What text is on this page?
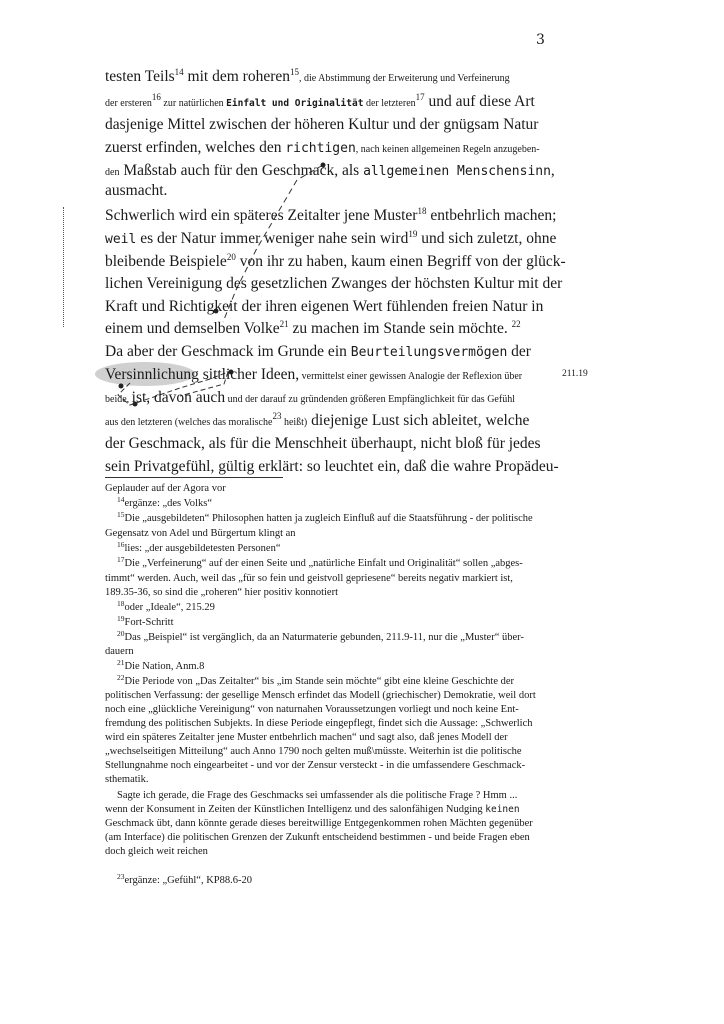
3
testen Teils$^{14}$ mit dem roheren$^{15}$, die Abstimmung der Erweiterung und Verfeinerung
der ersteren$^{16}$ zur natürlichen Einfalt und Originalität der letzteren$^{17}$ und auf diese Art
dasjenige Mittel zwischen der höheren Kultur und der gnügsam Natur
zuerst erfinden, welches den richtigen, nach keinen allgemeinen Regeln anzugeben-
den Maßstab auch für den Geschmack, als allgemeinen Menschensinn,
ausmacht.
Schwerlich wird ein späteres Zeitalter jene Muster$^{18}$ entbehrlich machen;
weil es der Natur immer weniger nahe sein wird$^{19}$ und sich zuletzt, ohne
bleibende Beispiele$^{20}$ von ihr zu haben, kaum einen Begriff von der glück-
lichen Vereinigung des gesetzlichen Zwanges der höchsten Kultur mit der
Kraft und Richtigkeit der ihren eigenen Wert fühlenden freien Natur in
einem und demselben Volke$^{21}$ zu machen im Stande sein möchte. $^{22}$
Da aber der Geschmack im Grunde ein Beurteilungsvermögen der
Versinnlichung sittlicher Ideen, vermittelst einer gewissen Analogie der Reflexion über	211.19
beide, ist, davon auch und der darauf zu gründenden größeren Empfänglichkeit für das Gefühl
aus den letzteren (welches das moralische$^{23}$ heißt) diejenige Lust sich ableitet, welche
der Geschmack, als für die Menschheit überhaupt, nicht bloß für jedes
sein Privatgefühl, gültig erklärt: so leuchtet ein, daß die wahre Propädeu-
Geplauder auf der Agora vor
$^{14}$ergänze: „des Volks“
$^{15}$Die „ausgebildeten“ Philosophen hatten ja zugleich Einfluß auf die Staatsführung - der politische
Gegensatz von Adel und Bürgertum klingt an
$^{16}$lies: „der ausgebildetesten Personen“
$^{17}$Die „Verfeinerung“ auf der einen Seite und „natürliche Einfalt und Originalität“ sollen „abges-
timmt“ werden. Auch, weil das „für so fein und geistvoll gepriesene“ bereits negativ markiert ist,
189.35-36, so sind die „roheren“ hier positiv konnotiert
$^{18}$oder „Ideale“, 215.29
$^{19}$Fort-Schritt
$^{20}$Das „Beispiel“ ist vergänglich, da an Naturmaterie gebunden, 211.9-11, nur die „Muster“ über-
dauern
$^{21}$Die Nation, Anm.8
$^{22}$Die Periode von „Das Zeitalter“ bis „im Stande sein möchte“ gibt eine kleine Geschichte der
politischen Verfassung: der gesellige Mensch erfindet das Modell (griechischer) Demokratie, weil dort
noch eine „glückliche Vereinigung“ von naturnahen Voraussetzungen vorliegt und noch keine Ent-
fremdung des politischen Subjekts. In diese Periode eingepflegt, findet sich die Aussage: „Schwerlich
wird ein späteres Zeitalter jene Muster entbehrlich machen“ und sagt also, daß jenes Modell der
„wechselseitigen Mitteilung“ auch Anno 1790 noch gelten muß\müsste. Weiterhin ist die politische
Stellungnahme noch eingearbeitet - und vor der Zensur versteckt - in die umfassendere Geschmack-
sthematik.
Sagte ich gerade, die Frage des Geschmacks sei umfassender als die politische Frage ? Hmm ...
wenn der Konsument in Zeiten der Künstlichen Intelligenz und des salonfähigen Nudging keinen
Geschmack übt, dann könnte gerade dieses bereitwillige Entgegenkommen rohen Mächten gegenüber
(am Interface) die politischen Grenzen der Zukunft entscheidend bestimmen - und beide Fragen eben
doch gleich weit reichen
$^{23}$ergänze: „Gefühl“, KP88.6-20
